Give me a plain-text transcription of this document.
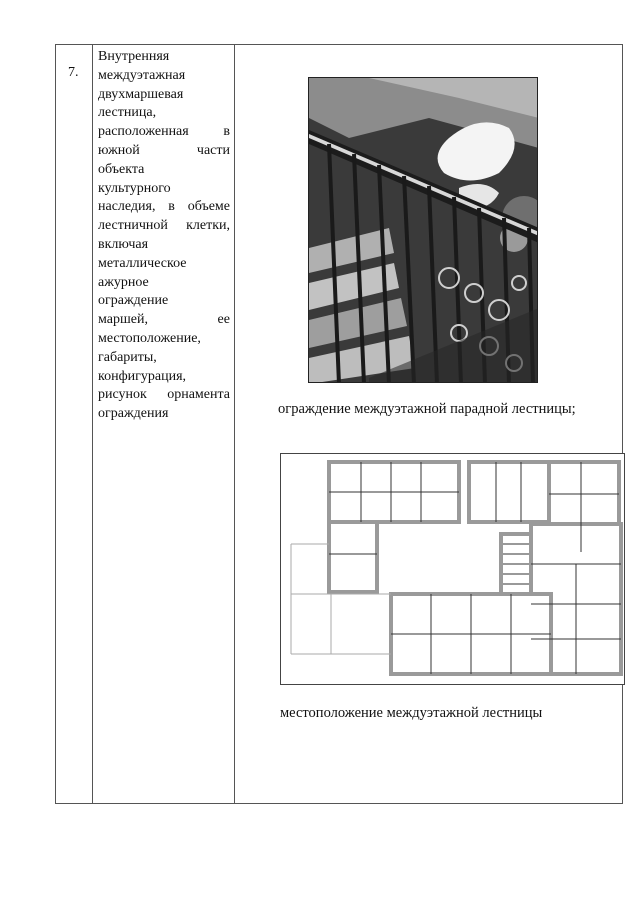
7.
Внутренняя
междуэтажная
двухмаршевая
лестница,
расположенная в
южной части
объекта
культурного
наследия, в объеме
лестничной клетки,
включая
металлическое
ажурное
ограждение
маршей, ее
местоположение,
габариты,
конфигурация,
рисунок орнамента
ограждения	ограждение междуэтажной парадной лестницы;
местоположение междуэтажной лестницы
